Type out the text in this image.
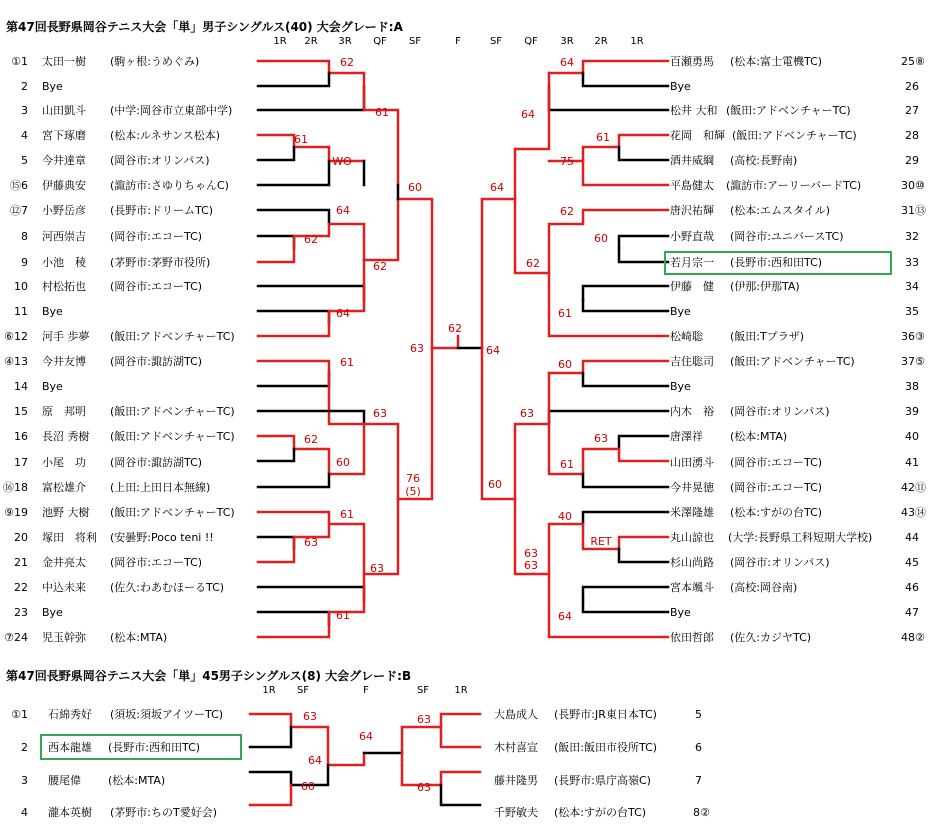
第47回長野県岡谷テニス大会「単」男子シングルス(40) 大会グレード:A
第47回長野県岡谷テニス大会「単」45男子シングルス(8) 大会グレード:B
1R	2R	3R	QF	SF	F	SF	QF	3R	2R	1R
1R	SF	F	SF	1R
①1 太田一樹 (駒ヶ根:うめぐみ)
2 Bye
3 山田凱斗 (中学:岡谷市立東部中学)
4 宮下琢磨 (松本:ルネサンス松本)
5 今井達章 (岡谷市:オリンパス)
⑮6 伊藤典安 (諏訪市:さゆりちゃんC)
⑫7 小野岳彦 (長野市:ドリームTC)
8 河西崇吉 (岡谷市:エコーTC)
9 小池　稜 (茅野市:茅野市役所)
10 村松拓也 (岡谷市:エコーTC)
11 Bye
⑥12 河手 歩夢 (飯田:アドベンチャーTC)
④13 今井友博 (岡谷市:諏訪湖TC)
14 Bye
15 原　邦明 (飯田:アドベンチャーTC)
16 長沼 秀樹 (飯田:アドベンチャーTC)
17 小尾　功 (岡谷市:諏訪湖TC)
⑯18 富松雄介 (上田:上田日本無線)
⑨19 池野 大樹 (飯田:アドベンチャーTC)
20 塚田　将利 (安曇野:Poco teni !!
21 金井亮太 (岡谷市:エコーTC)
22 中込未来 (佐久:わあむほーるTC)
23 Bye
⑦24 児玉幹弥 (松本:MTA)
百瀬勇馬 (松本:富士電機TC)	25⑧
Bye	26
松井 大和 (飯田:アドベンチャーTC)	27
花岡　和輝 (飯田:アドベンチャーTC)	28
酒井威綱 (高校:長野南)	29
平島健太 (諏訪市:アーリーバードTC)	30⑩
唐沢祐輝 (松本:エムスタイル)	31⑬
小野直哉 (岡谷市:ユニバースTC)	32
若月宗一 (長野市:西和田TC)	33
伊藤　健 (伊那:伊那TA)	34
Bye	35
松崎聡 (飯田:Tプラザ)	36③
吉住聡司 (飯田:アドベンチャーTC)	37⑤
Bye	38
内木　裕 (岡谷市:オリンパス)	39
唐澤祥 (松本:MTA)	40
山田湧斗 (岡谷市:エコーTC)	41
今井晃徳 (岡谷市:エコーTC)	42⑪
米澤隆雄 (松本:すがの台TC)	43⑭
丸山諒也 (大学:長野県工科短期大学校)	44
杉山尚路 (岡谷市:オリンパス)	45
宮本颯斗 (高校:岡谷南)	46
Bye	47
依田哲郎 (佐久:カジヤTC)	48②
62
61
61
WO
60
64
62
62
64
63
61
63
62
60
61
63
63
76
(5)
61
62
64
64
64
61
64
75
62
60
62
61
60
63
63
61
60
40
RET
63
63
64
①1 石綿秀好 (須坂:須坂アイツーTC)
2 西本龍雄 (長野市:西和田TC)
3 腰尾偉 (松本:MTA)
4 瀧本英樹 (茅野市:ちのT愛好会)
大島成人 (長野市:JR東日本TC)	5
木村喜宣 (飯田:飯田市役所TC)	6
藤井隆男 (長野市:県庁高嶺C)	7
千野敏夫 (松本:すがの台TC)	8②
63
60
64
64
63
63
